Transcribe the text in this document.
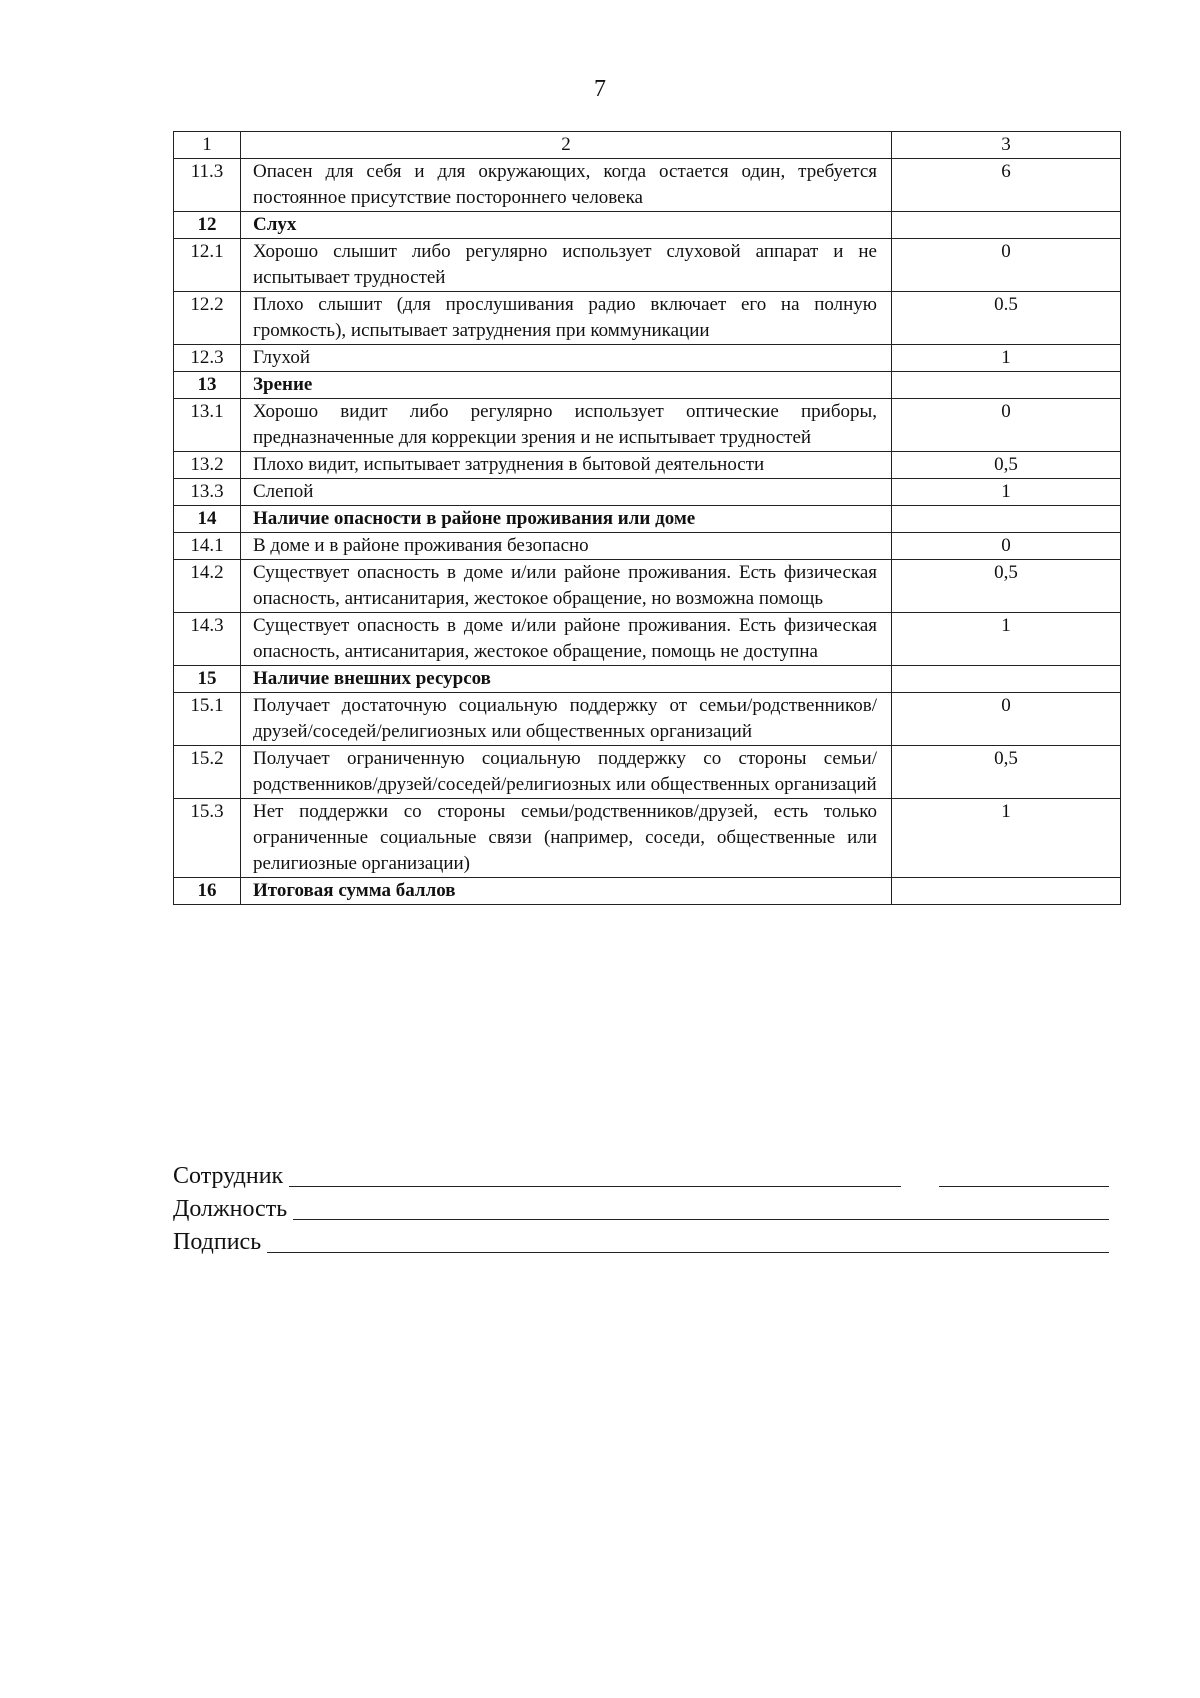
7
1	2	3
11.3	Опасен для себя и для окружающих, когда остается один, требуется постоянное присутствие постороннего человека	6
12	Слух	
12.1	Хорошо слышит либо регулярно использует слуховой аппарат и не испытывает трудностей	0
12.2	Плохо слышит (для прослушивания радио включает его на полную громкость), испытывает затруднения при коммуникации	0.5
12.3	Глухой	1
13	Зрение	
13.1	Хорошо видит либо регулярно использует оптические приборы, предназначенные для коррекции зрения и не испытывает трудностей	0
13.2	Плохо видит, испытывает затруднения в бытовой деятельности	0,5
13.3	Слепой	1
14	Наличие опасности в районе проживания или доме	
14.1	В доме и в районе проживания безопасно	0
14.2	Существует опасность в доме и/или районе проживания. Есть физическая опасность, антисанитария, жестокое обращение, но возможна помощь	0,5
14.3	Существует опасность в доме и/или районе проживания. Есть физическая опасность, антисанитария, жестокое обращение, помощь не доступна	1
15	Наличие внешних ресурсов	
15.1	Получает достаточную социальную поддержку от семьи/родственников/друзей/соседей/религиозных или общественных организаций	0
15.2	Получает ограниченную социальную поддержку со стороны семьи/родственников/друзей/соседей/религиозных или общественных организаций	0,5
15.3	Нет поддержки со стороны семьи/родственников/друзей, есть только ограниченные социальные связи (например, соседи, общественные или религиозные организации)	1
16	Итоговая сумма баллов	
Сотрудник
Должность
Подпись
